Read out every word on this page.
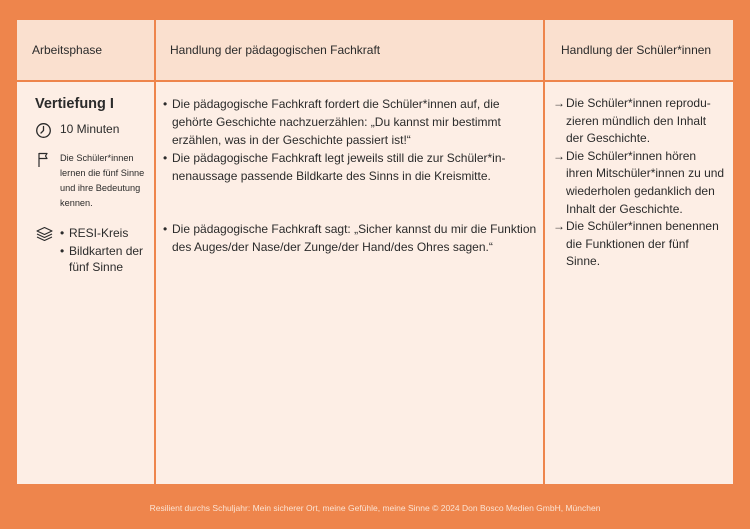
Arbeitsphase	Handlung der pädagogischen Fachkraft	Handlung der Schüler*innen

Vertiefung I

10 Minuten
Die Schüler*innen lernen die fünf Sinne und ihre Bedeutung kennen.
• RESI-Kreis
• Bildkarten der fünf Sinne

• Die pädagogische Fachkraft fordert die Schüler*innen auf, die gehörte Geschichte nachzuerzählen: „Du kannst mir bestimmt erzählen, was in der Geschichte passiert ist!“

• Die pädagogische Fachkraft legt jeweils still die zur Schüler*innenaussage passende Bildkarte des Sinns in die Kreismitte.

• Die pädagogische Fachkraft sagt: „Sicher kannst du mir die Funktion des Auges/der Nase/der Zunge/der Hand/des Ohres sagen.“

→ Die Schüler*innen reproduzieren mündlich den Inhalt der Geschichte.

→ Die Schüler*innen hören ihren Mitschüler*innen zu und wiederholen gedanklich den Inhalt der Geschichte.

→ Die Schüler*innen benennen die Funktionen der fünf Sinne.

Resilient durchs Schuljahr: Mein sicherer Ort, meine Gefühle, meine Sinne © 2024 Don Bosco Medien GmbH, München
